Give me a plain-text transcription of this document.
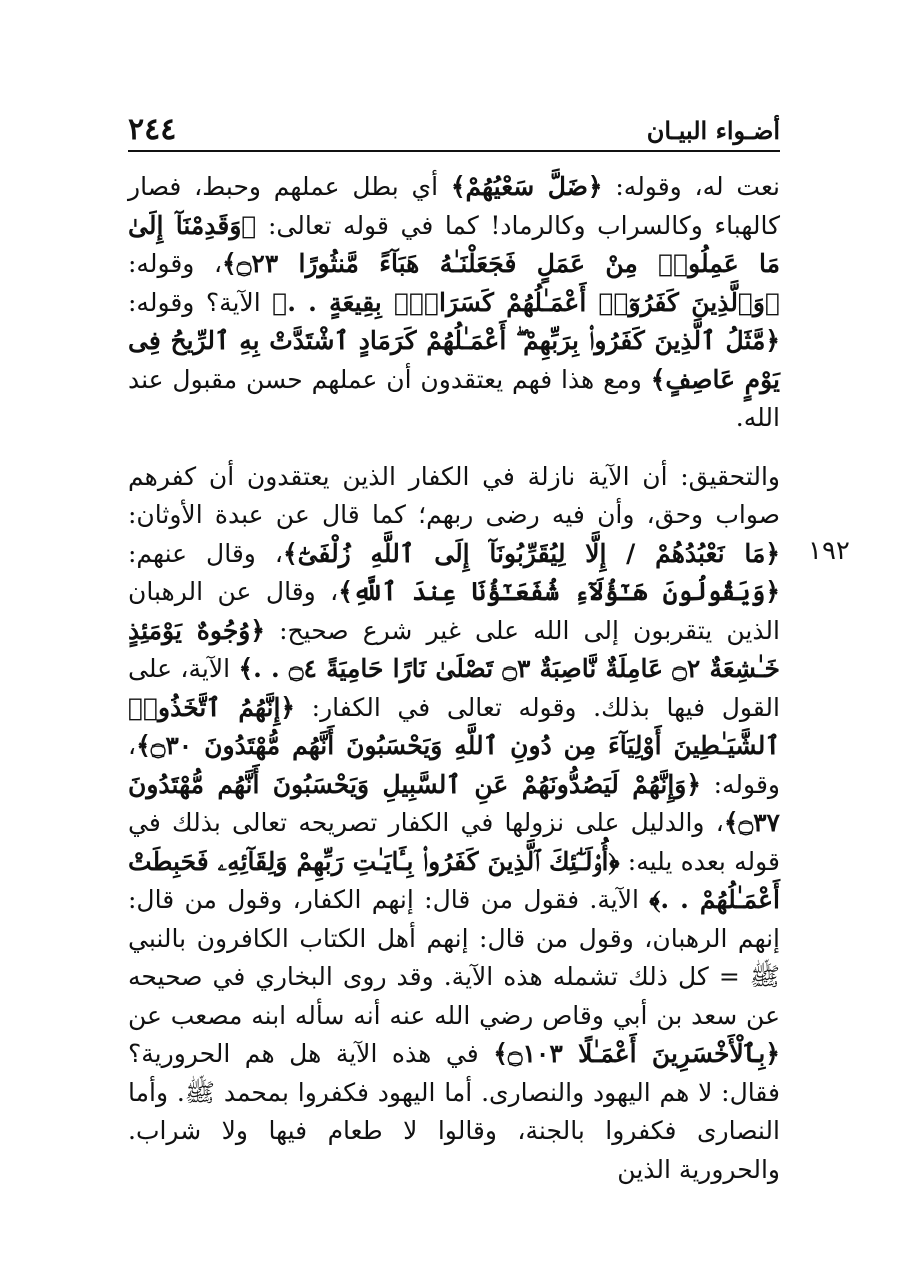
٢٤٤	أضـواء البيـان
١٩٢

نعت له، وقوله: ﴿ضَلَّ سَعْيُهُمْ﴾ أي بطل عملهم وحبط، فصار كالهباء وكالسراب وكالرماد! كما في قوله تعالى: ﴿وَقَدِمْنَآ إِلَىٰ مَا عَمِلُوا۟ مِنْ عَمَلٍ فَجَعَلْنَـٰهُ هَبَآءً مَّنثُورًا ۝٢٣﴾، وقوله: ﴿وَٱلَّذِينَ كَفَرُوٓا۟ أَعْمَـٰلُهُمْ كَسَرَابٍۭ بِقِيعَةٍ . .﴾ الآية؟ وقوله: ﴿مَّثَلُ ٱلَّذِينَ كَفَرُوا۟ بِرَبِّهِمْ ۖ أَعْمَـٰلُهُمْ كَرَمَادٍ ٱشْتَدَّتْ بِهِ ٱلرِّيحُ فِى يَوْمٍ عَاصِفٍ﴾ ومع هذا فهم يعتقدون أن عملهم حسن مقبول عند الله.

والتحقيق: أن الآية نازلة في الكفار الذين يعتقدون أن كفرهم صواب وحق، وأن فيه رضى ربهم؛ كما قال عن عبدة الأوثان: ﴿مَا نَعْبُدُهُمْ / إِلَّا لِيُقَرِّبُونَآ إِلَى ٱللَّهِ زُلْفَىٰٓ﴾، وقال عنهم: ﴿وَيَقُولُونَ هَـٰٓؤُلَآءِ شُفَعَـٰٓؤُنَا عِندَ ٱللَّهِ﴾، وقال عن الرهبان الذين يتقربون إلى الله على غير شرع صحيح: ﴿وُجُوهٌ يَوْمَئِذٍ خَـٰشِعَةٌ ۝٢ عَامِلَةٌ نَّاصِبَةٌ ۝٣ تَصْلَىٰ نَارًا حَامِيَةً ۝٤ . .﴾ الآية، على القول فيها بذلك. وقوله تعالى في الكفار: ﴿إِنَّهُمُ ٱتَّخَذُوا۟ ٱلشَّيَـٰطِينَ أَوْلِيَآءَ مِن دُونِ ٱللَّهِ وَيَحْسَبُونَ أَنَّهُم مُّهْتَدُونَ ۝٣٠﴾، وقوله: ﴿وَإِنَّهُمْ لَيَصُدُّونَهُمْ عَنِ ٱلسَّبِيلِ وَيَحْسَبُونَ أَنَّهُم مُّهْتَدُونَ ۝٣٧﴾، والدليل على نزولها في الكفار تصريحه تعالى بذلك في قوله بعده يليه: ﴿أُو۟لَـٰٓئِكَ ٱلَّذِينَ كَفَرُوا۟ بِـَٔايَـٰتِ رَبِّهِمْ وَلِقَآئِهِۦ فَحَبِطَتْ أَعْمَـٰلُهُمْ . .﴾ الآية. فقول من قال: إنهم الكفار، وقول من قال: إنهم الرهبان، وقول من قال: إنهم أهل الكتاب الكافرون بالنبي ﷺ = كل ذلك تشمله هذه الآية. وقد روى البخاري في صحيحه عن سعد بن أبي وقاص رضي الله عنه أنه سأله ابنه مصعب عن ﴿بِٱلْأَخْسَرِينَ أَعْمَـٰلًا ۝١٠٣﴾ في هذه الآية هل هم الحرورية؟ فقال: لا هم اليهود والنصارى. أما اليهود فكفروا بمحمد ﷺ. وأما النصارى فكفروا بالجنة، وقالوا لا طعام فيها ولا شراب. والحرورية الذين
